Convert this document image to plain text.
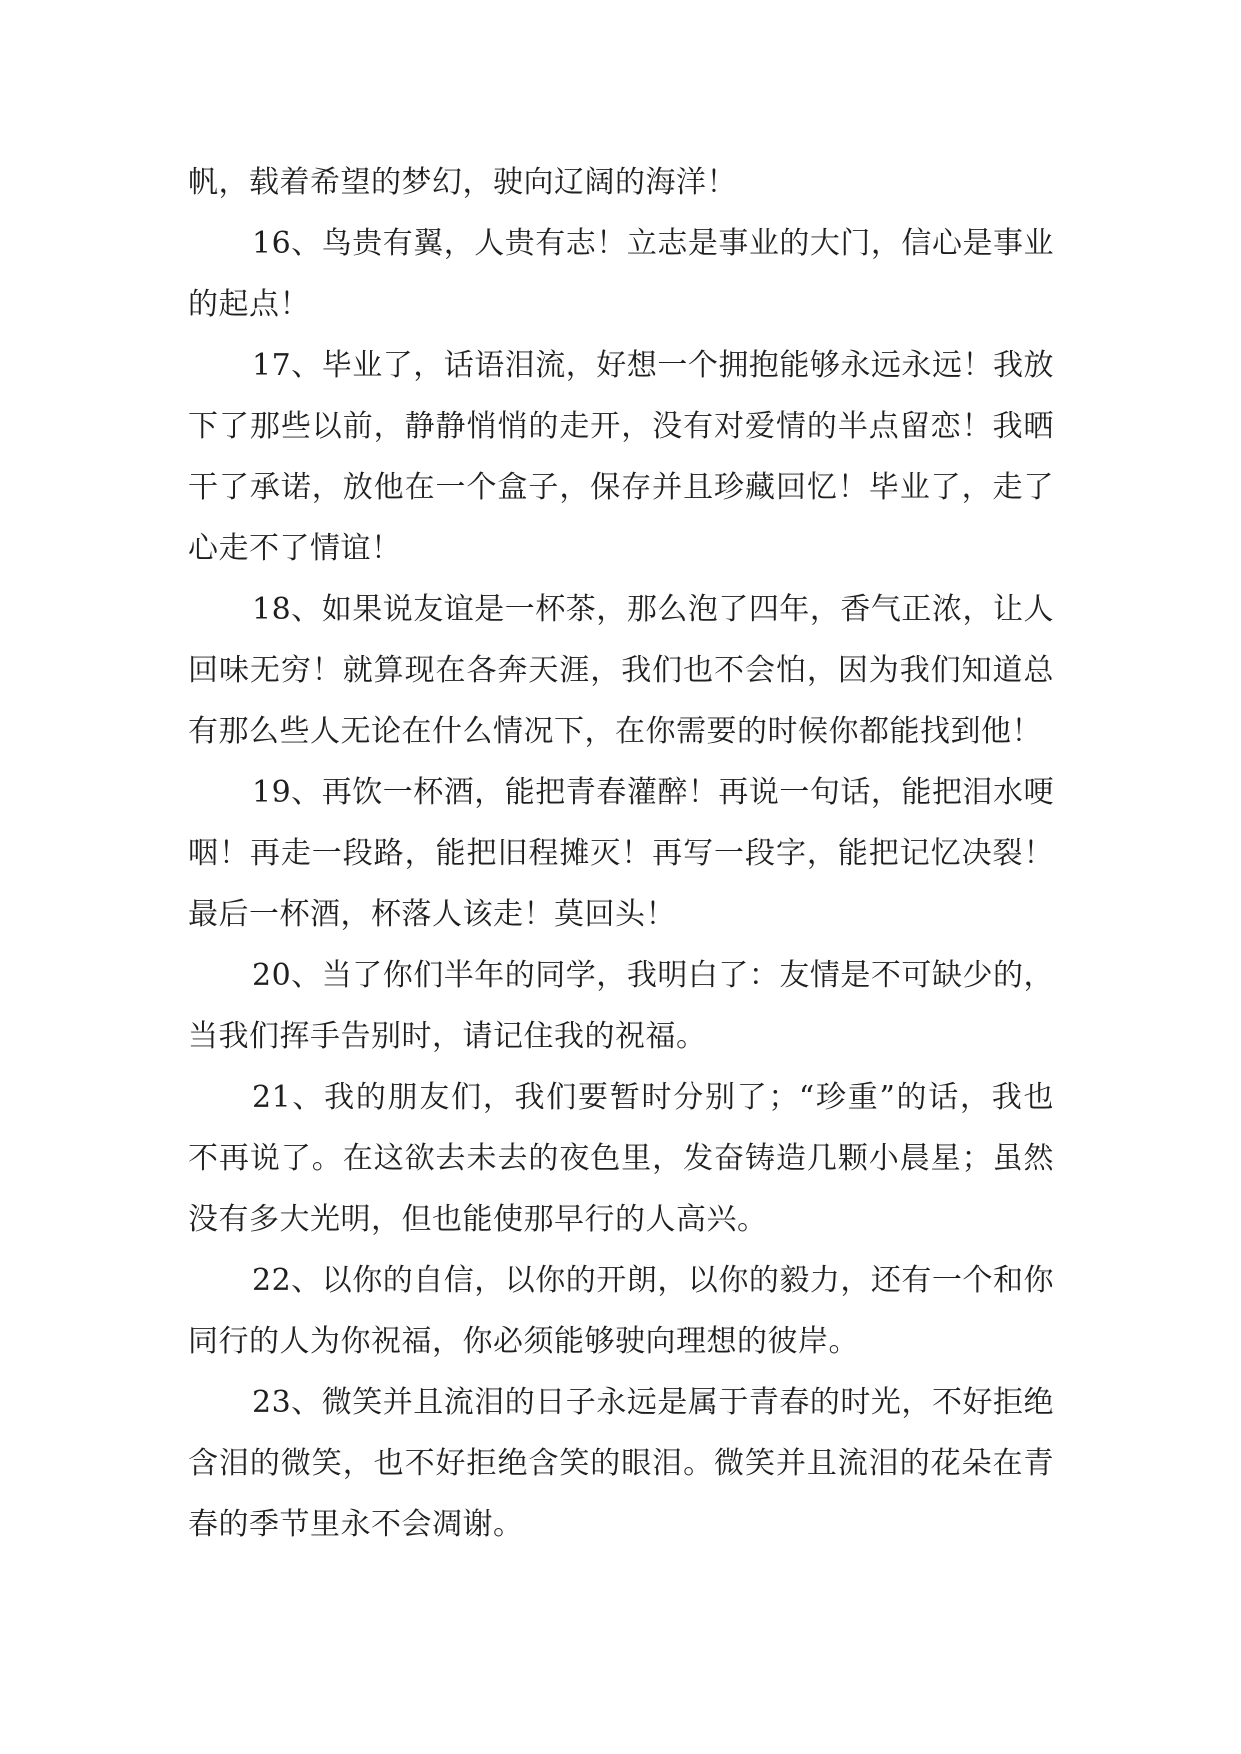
帆，载着希望的梦幻，驶向辽阔的海洋！

16、鸟贵有翼，人贵有志！立志是事业的大门，信心是事业的起点！

17、毕业了，话语泪流，好想一个拥抱能够永远永远！我放下了那些以前，静静悄悄的走开，没有对爱情的半点留恋！我晒干了承诺，放他在一个盒子，保存并且珍藏回忆！毕业了，走了心走不了情谊！

18、如果说友谊是一杯茶，那么泡了四年，香气正浓，让人回味无穷！就算现在各奔天涯，我们也不会怕，因为我们知道总有那么些人无论在什么情况下，在你需要的时候你都能找到他！

19、再饮一杯酒，能把青春灌醉！再说一句话，能把泪水哽咽！再走一段路，能把旧程摊灭！再写一段字，能把记忆决裂！最后一杯酒，杯落人该走！莫回头！

20、当了你们半年的同学，我明白了：友情是不可缺少的，当我们挥手告别时，请记住我的祝福。

21、我的朋友们，我们要暂时分别了；“珍重”的话，我也不再说了。在这欲去未去的夜色里，发奋铸造几颗小晨星；虽然没有多大光明，但也能使那早行的人高兴。

22、以你的自信，以你的开朗，以你的毅力，还有一个和你同行的人为你祝福，你必须能够驶向理想的彼岸。

23、微笑并且流泪的日子永远是属于青春的时光，不好拒绝含泪的微笑，也不好拒绝含笑的眼泪。微笑并且流泪的花朵在青春的季节里永不会凋谢。
